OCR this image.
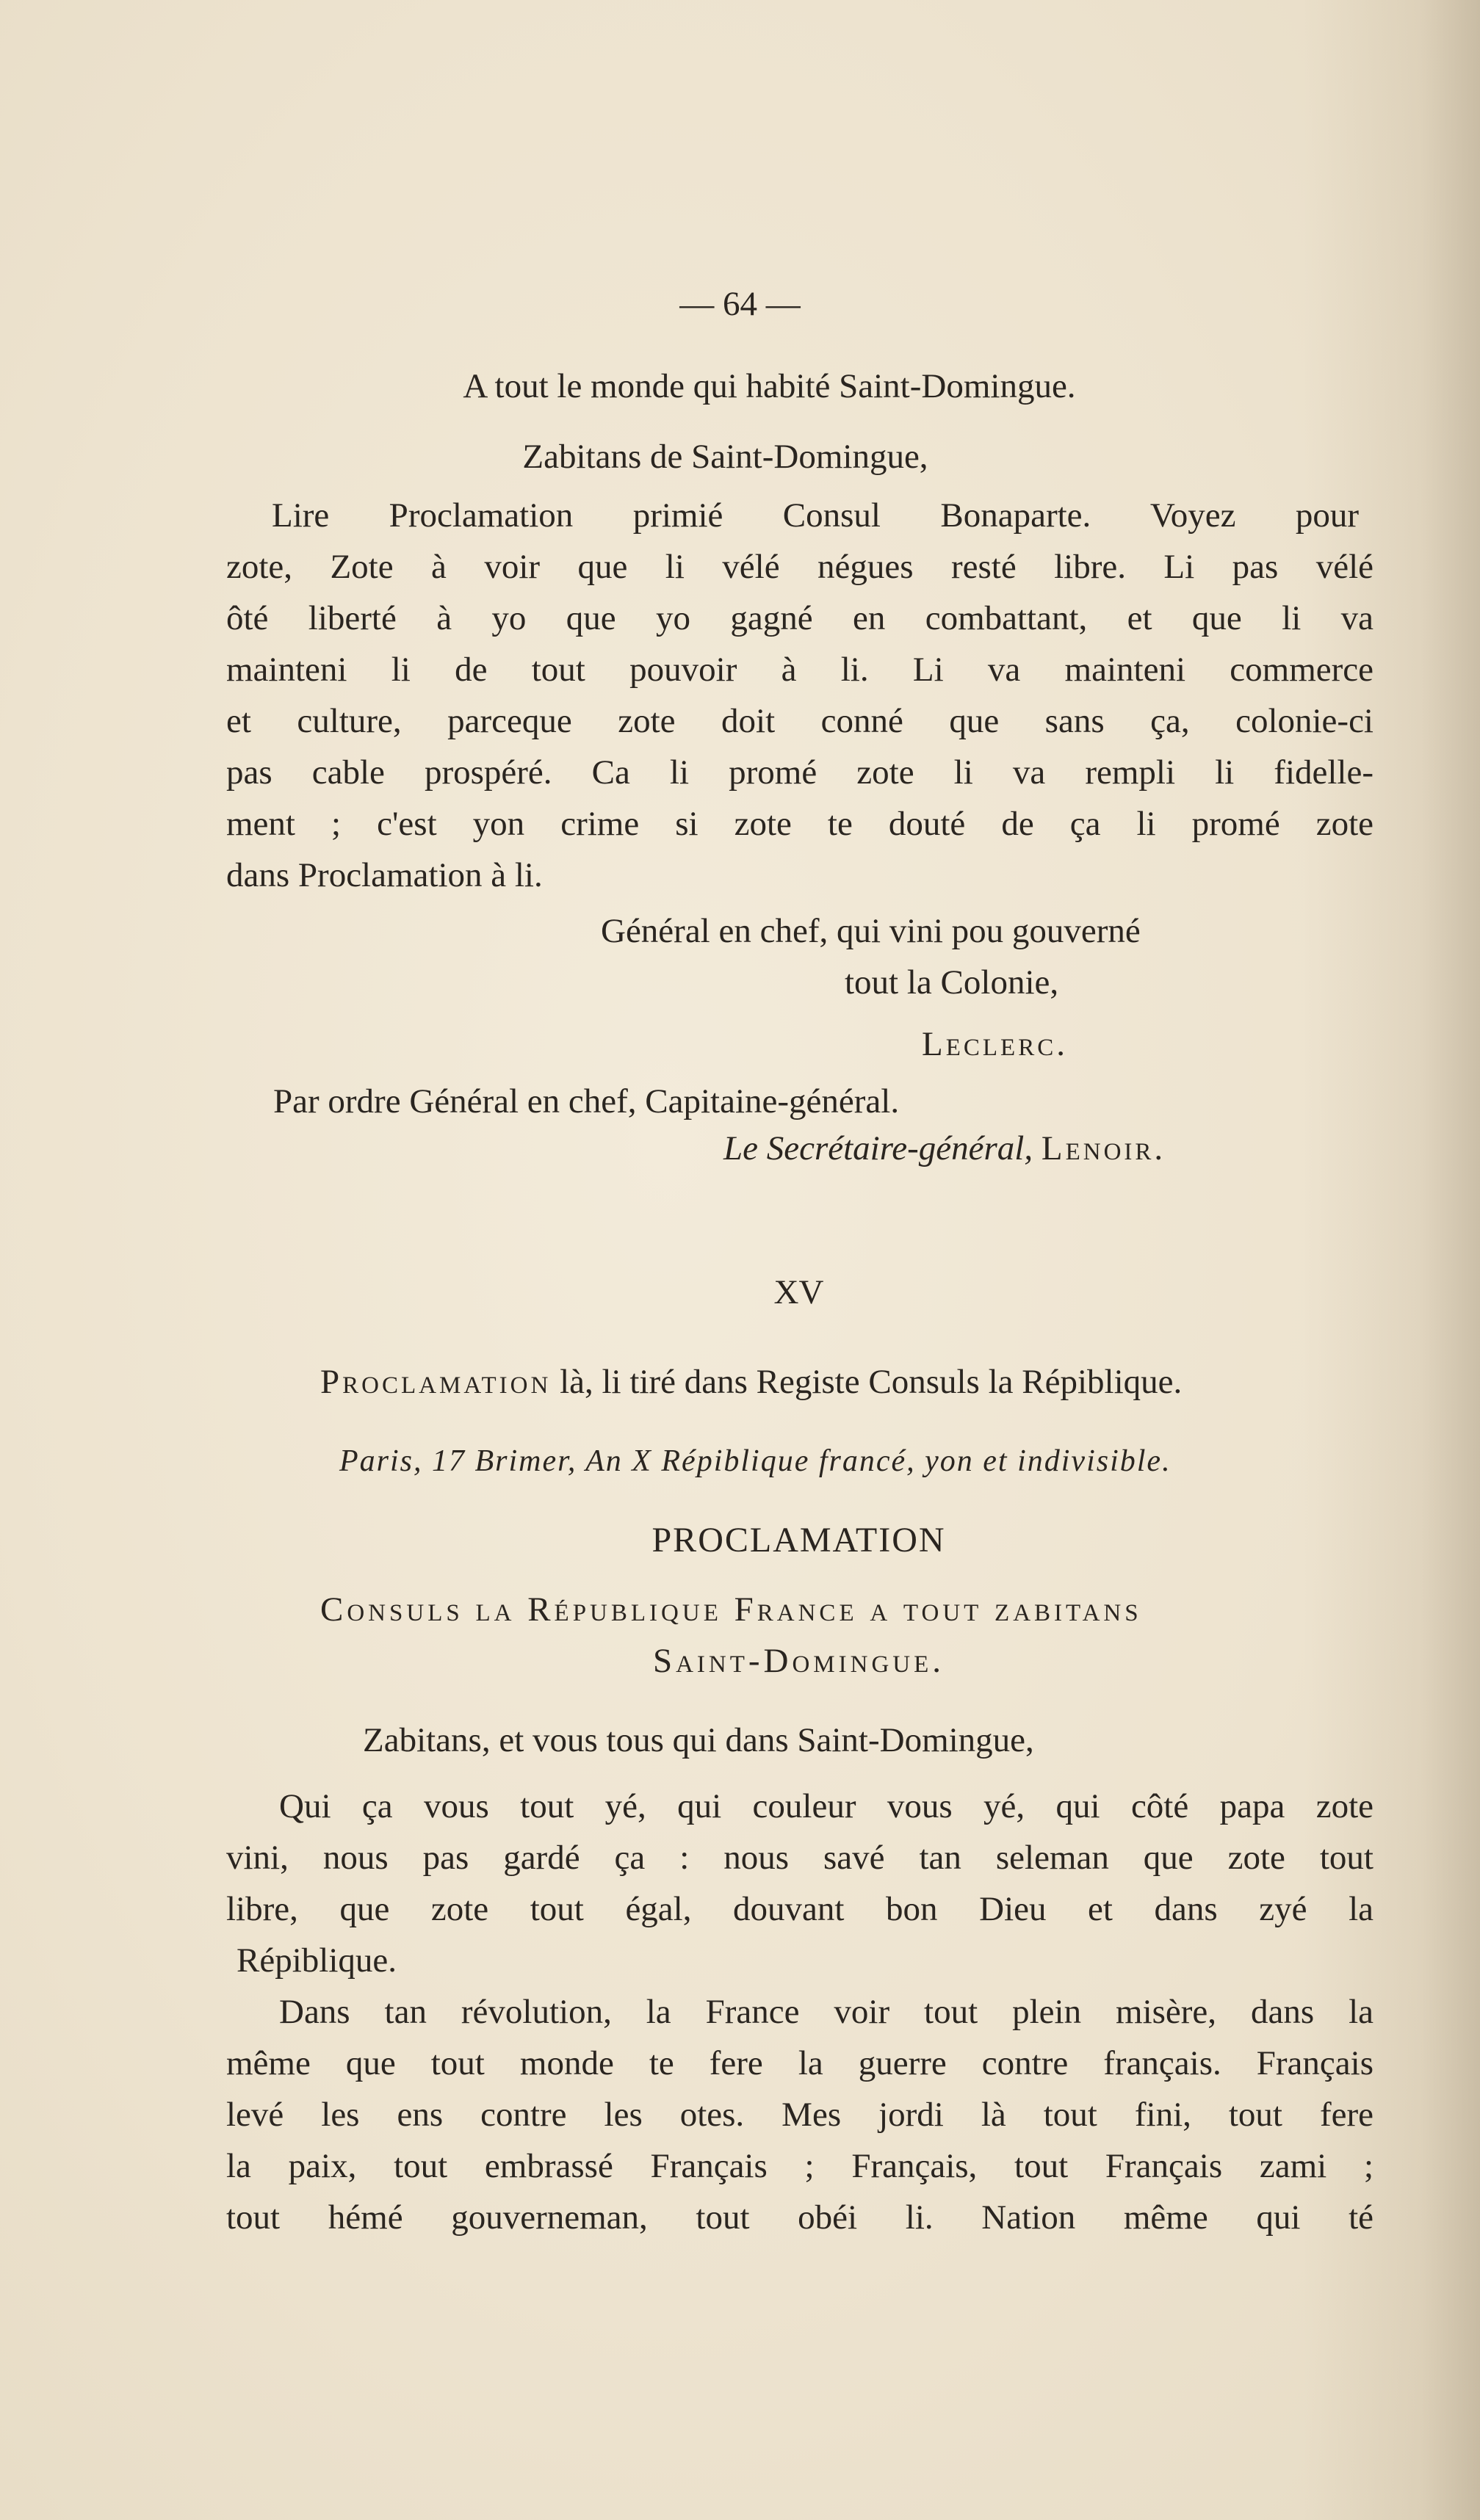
— 64 —
A tout le monde qui habité Saint-Domingue.
Zabitans de Saint-Domingue,
Lire Proclamation primié Consul Bonaparte. Voyez pour
zote, Zote à voir que li vélé négues resté libre. Li pas vélé
ôté liberté à yo que yo gagné en combattant, et que li va
mainteni li de tout pouvoir à li. Li va mainteni commerce
et culture, parceque zote doit conné que sans ça, colonie-ci
pas cable prospéré. Ca li promé zote li va rempli li fidelle-
ment ; c'est yon crime si zote te douté de ça li promé zote
dans Proclamation à li.
Général en chef, qui vini pou gouverné
tout la Colonie,
Leclerc.
Par ordre Général en chef, Capitaine-général.
Le Secrétaire-général, Lenoir.
XV
Proclamation là, li tiré dans Registe Consuls la Répiblique.
Paris, 17 Brimer, An X Répiblique francé, yon et indivisible.
PROCLAMATION
Consuls la République France a tout zabitans
Saint-Domingue.
Zabitans, et vous tous qui dans Saint-Domingue,
Qui ça vous tout yé, qui couleur vous yé, qui côté papa zote
vini, nous pas gardé ça : nous savé tan seleman que zote tout
libre, que zote tout égal, douvant bon Dieu et dans zyé la
Répiblique.
Dans tan révolution, la France voir tout plein misère, dans la
même que tout monde te fere la guerre contre français. Français
levé les ens contre les otes. Mes jordi là tout fini, tout fere
la paix, tout embrassé Français ; Français, tout Français zami ;
tout hémé gouverneman, tout obéi li. Nation même qui té
